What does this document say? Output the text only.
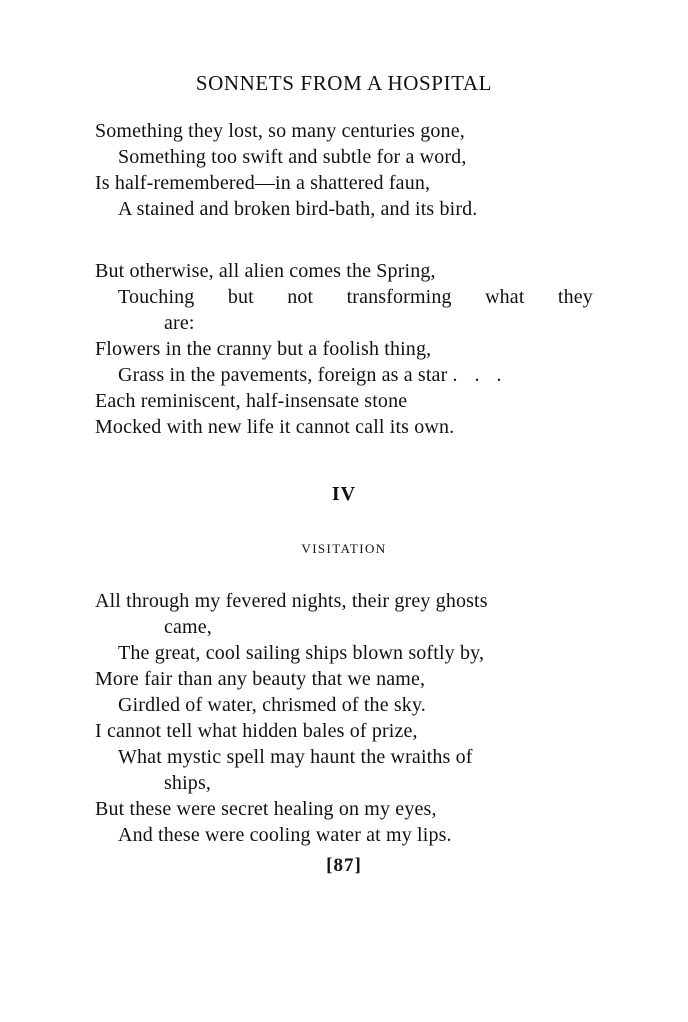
SONNETS FROM A HOSPITAL
Something they lost, so many centuries gone,
Something too swift and subtle for a word,
Is half-remembered—in a shattered faun,
A stained and broken bird-bath, and its bird.
But otherwise, all alien comes the Spring,
Touching but not transforming what they
are:
Flowers in the cranny but a foolish thing,
Grass in the pavements, foreign as a star . . .
Each reminiscent, half-insensate stone
Mocked with new life it cannot call its own.
IV
VISITATION
All through my fevered nights, their grey ghosts
came,
The great, cool sailing ships blown softly by,
More fair than any beauty that we name,
Girdled of water, chrismed of the sky.
I cannot tell what hidden bales of prize,
What mystic spell may haunt the wraiths of
ships,
But these were secret healing on my eyes,
And these were cooling water at my lips.
[87]
